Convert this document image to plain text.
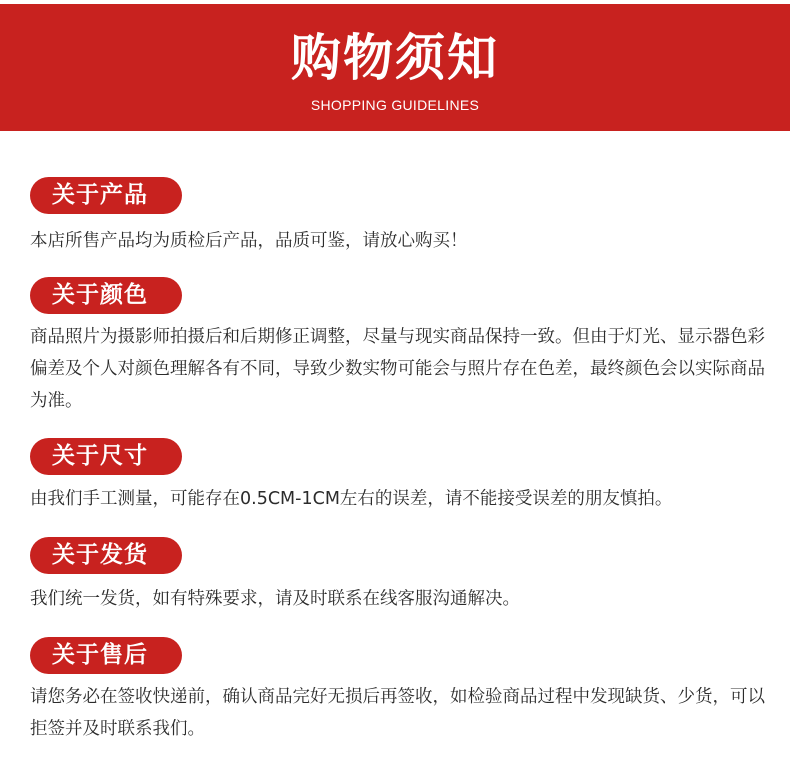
购物须知
SHOPPING GUIDELINES
关于产品
本店所售产品均为质检后产品，品质可鉴，请放心购买！
关于颜色
商品照片为摄影师拍摄后和后期修正调整，尽量与现实商品保持一致。但由于灯光、显示器色彩偏差及个人对颜色理解各有不同，导致少数实物可能会与照片存在色差，最终颜色会以实际商品为准。
关于尺寸
由我们手工测量，可能存在0.5CM-1CM左右的误差，请不能接受误差的朋友慎拍。
关于发货
我们统一发货，如有特殊要求，请及时联系在线客服沟通解决。
关于售后
请您务必在签收快递前，确认商品完好无损后再签收，如检验商品过程中发现缺货、少货，可以拒签并及时联系我们。
